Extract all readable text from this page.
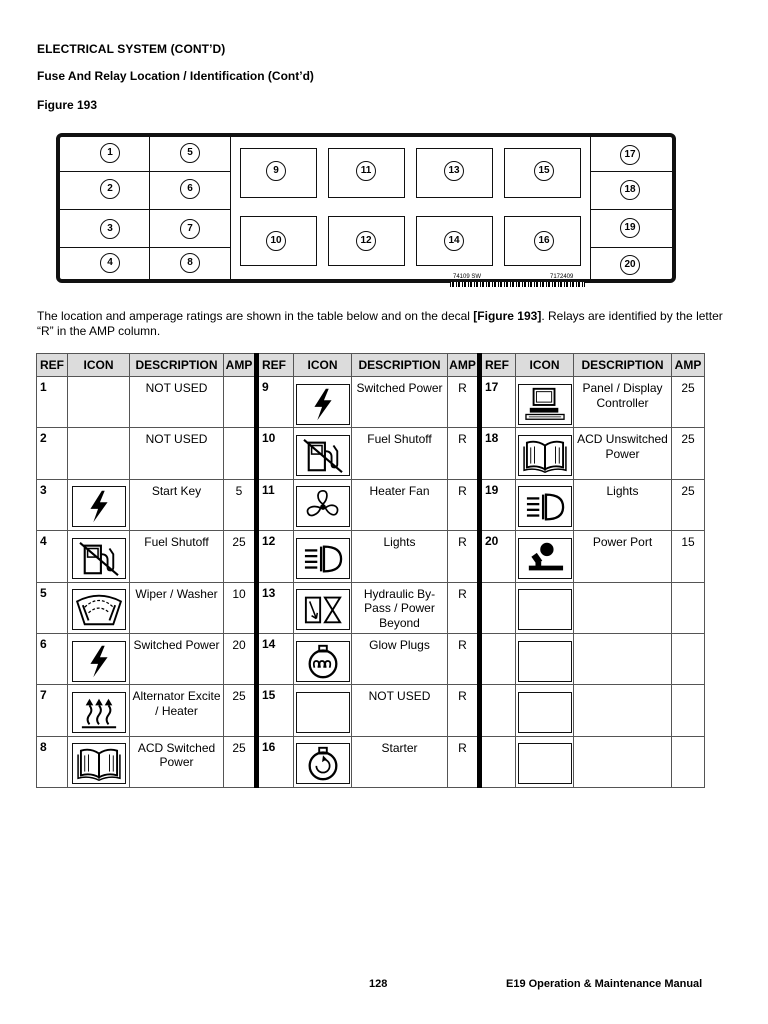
ELECTRICAL SYSTEM (CONT’D)
Fuse And Relay Location / Identification (Cont’d)
Figure 193
1
2
3
4
5
6
7
8
9	11	13	15
10	12	14	16
17
18
19
20
74109 SW	7172409
The location and amperage ratings are shown in the table below and on the decal [Figure 193]. Relays are identified by the letter “R” in the AMP column.
REF	ICON	DESCRIPTION	AMP	REF	ICON	DESCRIPTION	AMP	REF	ICON	DESCRIPTION	AMP
1		NOT USED		9		Switched Power	R	17		Panel / Display Controller	25
2		NOT USED		10		Fuel Shutoff	R	18		ACD Unswitched Power	25
3		Start Key	5	11		Heater Fan	R	19		Lights	25
4		Fuel Shutoff	25	12		Lights	R	20		Power Port	15
5		Wiper / Washer	10	13		Hydraulic By-Pass / Power Beyond	R				
6		Switched Power	20	14		Glow Plugs	R				
7		Alternator Excite / Heater	25	15		NOT USED	R				
8		ACD Switched Power	25	16		Starter	R				
128	E19 Operation & Maintenance Manual
